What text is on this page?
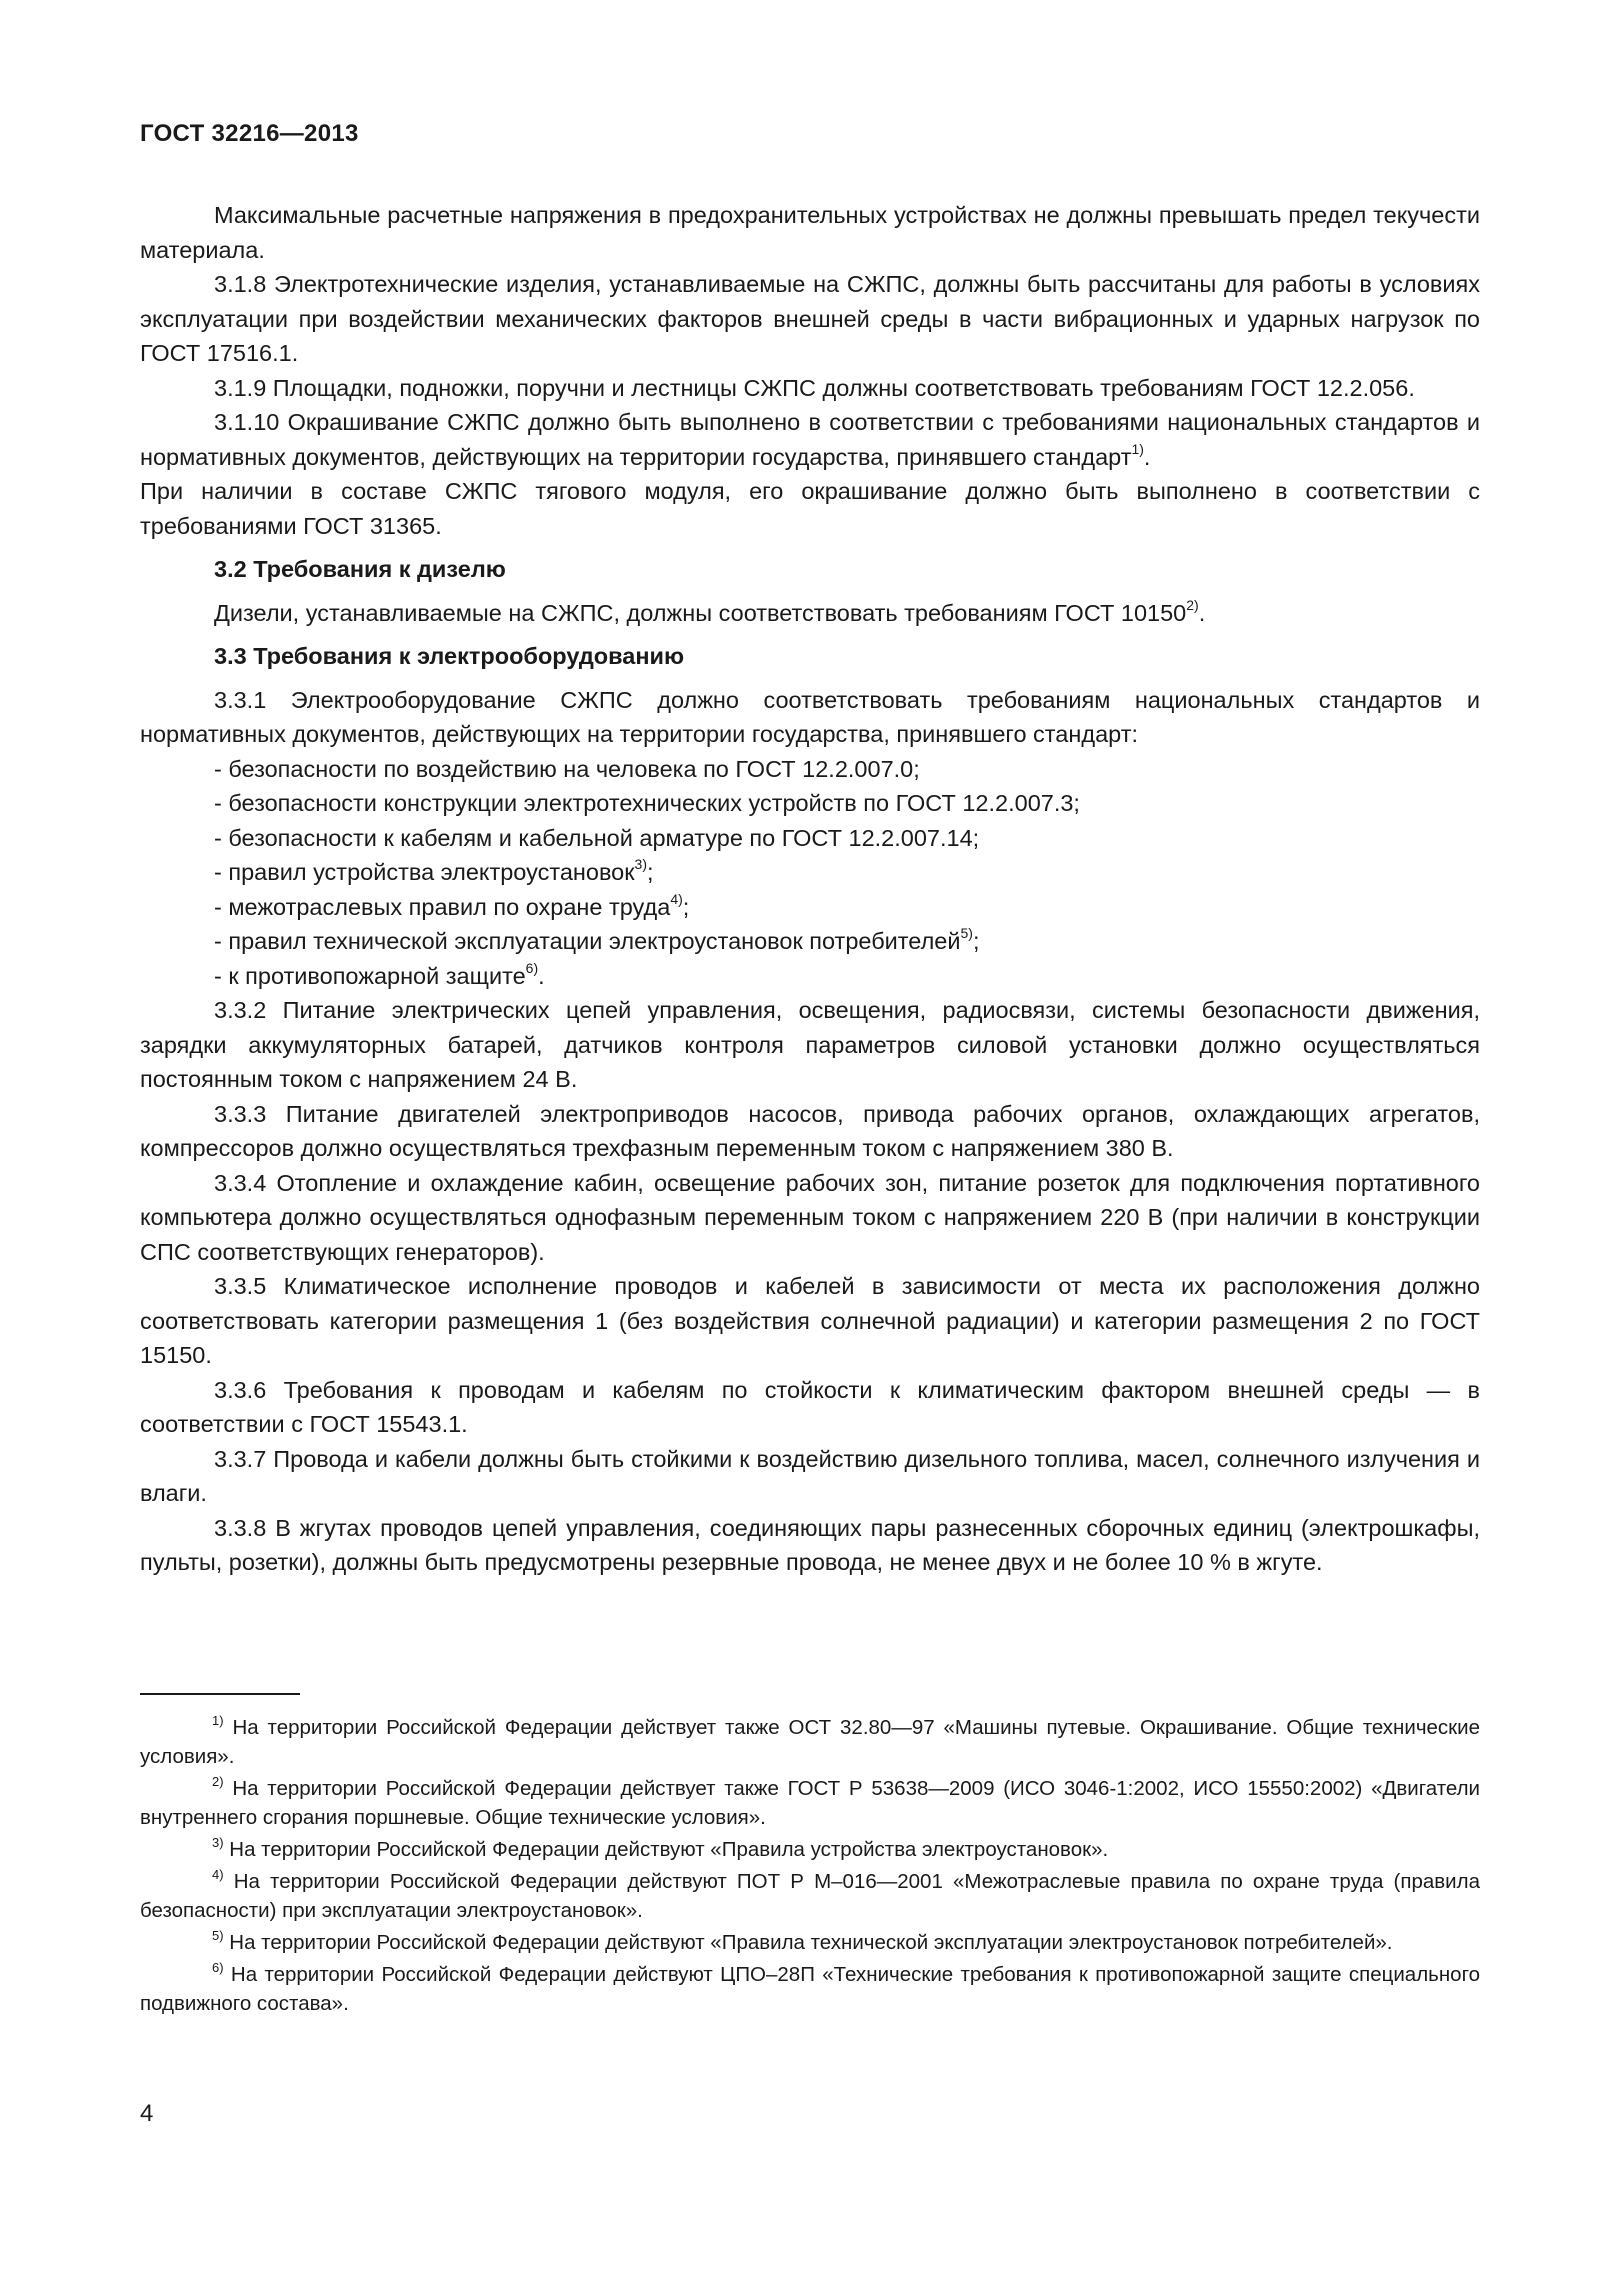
ГОСТ 32216—2013

Максимальные расчетные напряжения в предохранительных устройствах не должны превышать предел текучести материала.

3.1.8 Электротехнические изделия, устанавливаемые на СЖПС, должны быть рассчитаны для работы в условиях эксплуатации при воздействии механических факторов внешней среды в части вибрационных и ударных нагрузок по ГОСТ 17516.1.

3.1.9 Площадки, подножки, поручни и лестницы СЖПС должны соответствовать требованиям ГОСТ 12.2.056.

3.1.10 Окрашивание СЖПС должно быть выполнено в соответствии с требованиями национальных стандартов и нормативных документов, действующих на территории государства, принявшего стандарт$^{1)}$.

При наличии в составе СЖПС тягового модуля, его окрашивание должно быть выполнено в соответствии с требованиями ГОСТ 31365.

3.2 Требования к дизелю

Дизели, устанавливаемые на СЖПС, должны соответствовать требованиям ГОСТ 10150$^{2)}$.

3.3 Требования к электрооборудованию

3.3.1 Электрооборудование СЖПС должно соответствовать требованиям национальных стандартов и нормативных документов, действующих на территории государства, принявшего стандарт:

- безопасности по воздействию на человека по ГОСТ 12.2.007.0;

- безопасности конструкции электротехнических устройств по ГОСТ 12.2.007.3;

- безопасности к кабелям и кабельной арматуре по ГОСТ 12.2.007.14;

- правил устройства электроустановок$^{3)}$;

- межотраслевых правил по охране труда$^{4)}$;

- правил технической эксплуатации электроустановок потребителей$^{5)}$;

- к противопожарной защите$^{6)}$.

3.3.2 Питание электрических цепей управления, освещения, радиосвязи, системы безопасности движения, зарядки аккумуляторных батарей, датчиков контроля параметров силовой установки должно осуществляться постоянным током с напряжением 24 В.

3.3.3 Питание двигателей электроприводов насосов, привода рабочих органов, охлаждающих агрегатов, компрессоров должно осуществляться трехфазным переменным током с напряжением 380 В.

3.3.4 Отопление и охлаждение кабин, освещение рабочих зон, питание розеток для подключения портативного компьютера должно осуществляться однофазным переменным током с напряжением 220 В (при наличии в конструкции СПС соответствующих генераторов).

3.3.5 Климатическое исполнение проводов и кабелей в зависимости от места их расположения должно соответствовать категории размещения 1 (без воздействия солнечной радиации) и категории размещения 2 по ГОСТ 15150.

3.3.6 Требования к проводам и кабелям по стойкости к климатическим фактором внешней среды — в соответствии с ГОСТ 15543.1.

3.3.7 Провода и кабели должны быть стойкими к воздействию дизельного топлива, масел, солнечного излучения и влаги.

3.3.8 В жгутах проводов цепей управления, соединяющих пары разнесенных сборочных единиц (электрошкафы, пульты, розетки), должны быть предусмотрены резервные провода, не менее двух и не более 10 % в жгуте.

$^{1)}$ На территории Российской Федерации действует также ОСТ 32.80—97 «Машины путевые. Окрашивание. Общие технические условия».

$^{2)}$ На территории Российской Федерации действует также ГОСТ Р 53638—2009 (ИСО 3046-1:2002, ИСО 15550:2002) «Двигатели внутреннего сгорания поршневые. Общие технические условия».

$^{3)}$ На территории Российской Федерации действуют «Правила устройства электроустановок».

$^{4)}$ На территории Российской Федерации действуют ПОТ Р М–016—2001 «Межотраслевые правила по охране труда (правила безопасности) при эксплуатации электроустановок».

$^{5)}$ На территории Российской Федерации действуют «Правила технической эксплуатации электроустановок потребителей».

$^{6)}$ На территории Российской Федерации действуют ЦПО–28П «Технические требования к противопожарной защите специального подвижного состава».

4
